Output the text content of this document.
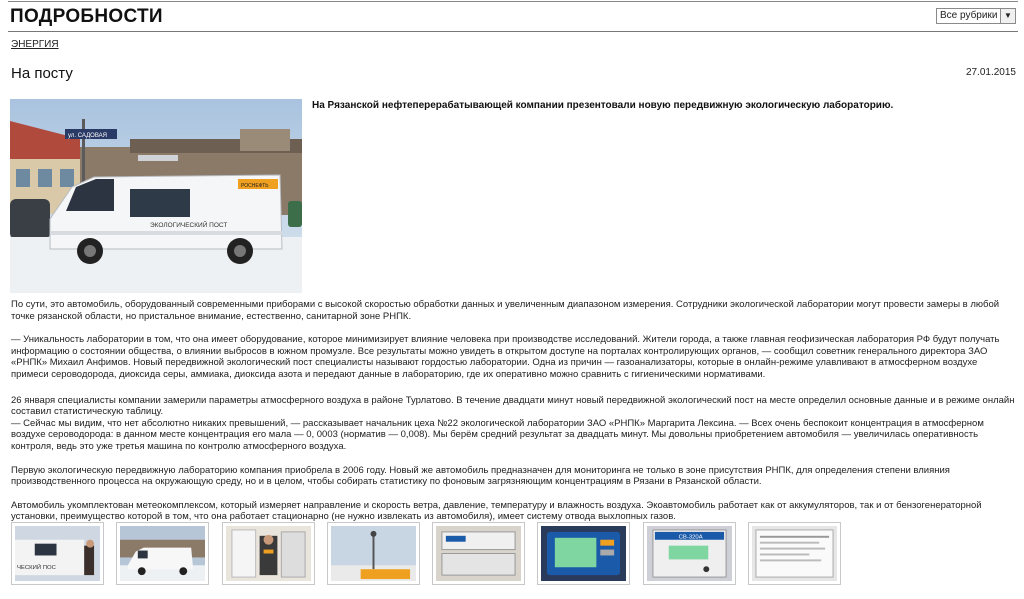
ПОДРОБНОСТИ	Все рубрики ▼
ЭНЕРГИЯ
На посту	27.01.2015
ул. САДОВАЯ
РОСНЕФТЬ
ЭКОЛОГИЧЕСКИЙ ПОСТ
На Рязанской нефтеперерабатывающей компании презентовали новую передвижную экологическую лабораторию.

По сути, это автомобиль, оборудованный современными приборами с высокой скоростью обработки данных и увеличенным диапазоном измерения. Сотрудники экологической лаборатории могут провести замеры в любой точке рязанской области, но пристальное внимание, естественно, санитарной зоне РНПК.

— Уникальность лаборатории в том, что она имеет оборудование, которое минимизирует влияние человека при производстве исследований. Жители города, а также главная геофизическая лаборатория РФ будут получать информацию о состоянии общества, о влиянии выбросов в южном промузле. Все результаты можно увидеть в открытом доступе на порталах контролирующих органов, — сообщил советник генерального директора ЗАО «РНПК» Михаил Анфимов. Новый передвижной экологический пост специалисты называют гордостью лаборатории. Одна из причин — газоанализаторы, которые в онлайн-режиме улавливают в атмосферном воздухе примеси сероводорода, диоксида серы, аммиака, диоксида азота и передают данные в лабораторию, где их оперативно можно сравнить с гигиеническими нормативами.

26 января специалисты компании замерили параметры атмосферного воздуха в районе Турлатово. В течение двадцати минут новый передвижной экологический пост на месте определил основные данные и в режиме онлайн составил статистическую таблицу.

— Сейчас мы видим, что нет абсолютно никаких превышений, — рассказывает начальник цеха №22 экологической лаборатории ЗАО «РНПК» Маргарита Лексина. — Всех очень беспокоит концентрация в атмосферном воздухе сероводорода: в данном месте концентрация его мала — 0, 0003 (норматив — 0,008). Мы берём средний результат за двадцать минут. Мы довольны приобретением автомобиля — увеличилась оперативность контроля, ведь это уже третья машина по контролю атмосферного воздуха.

Первую экологическую передвижную лабораторию компания приобрела в 2006 году. Новый же автомобиль предназначен для мониторинга не только в зоне присутствия РНПК, для определения степени влияния производственного процесса на окружающую среду, но и в целом, чтобы собирать статистику по фоновым загрязняющим концентрациям в Рязани в Рязанской области.

Автомобиль укомплектован метеокомплексом, который измеряет направление и скорость ветра, давление, температуру и влажность воздуха. Экоавтомобиль работает как от аккумуляторов, так и от бензогенераторной установки, преимущество которой в том, что она работает стационарно (не нужно извлекать из автомобиля), имеет систему отвода выхлопных газов.

ЧЕСКИЙ ПОС
СВ-320А
